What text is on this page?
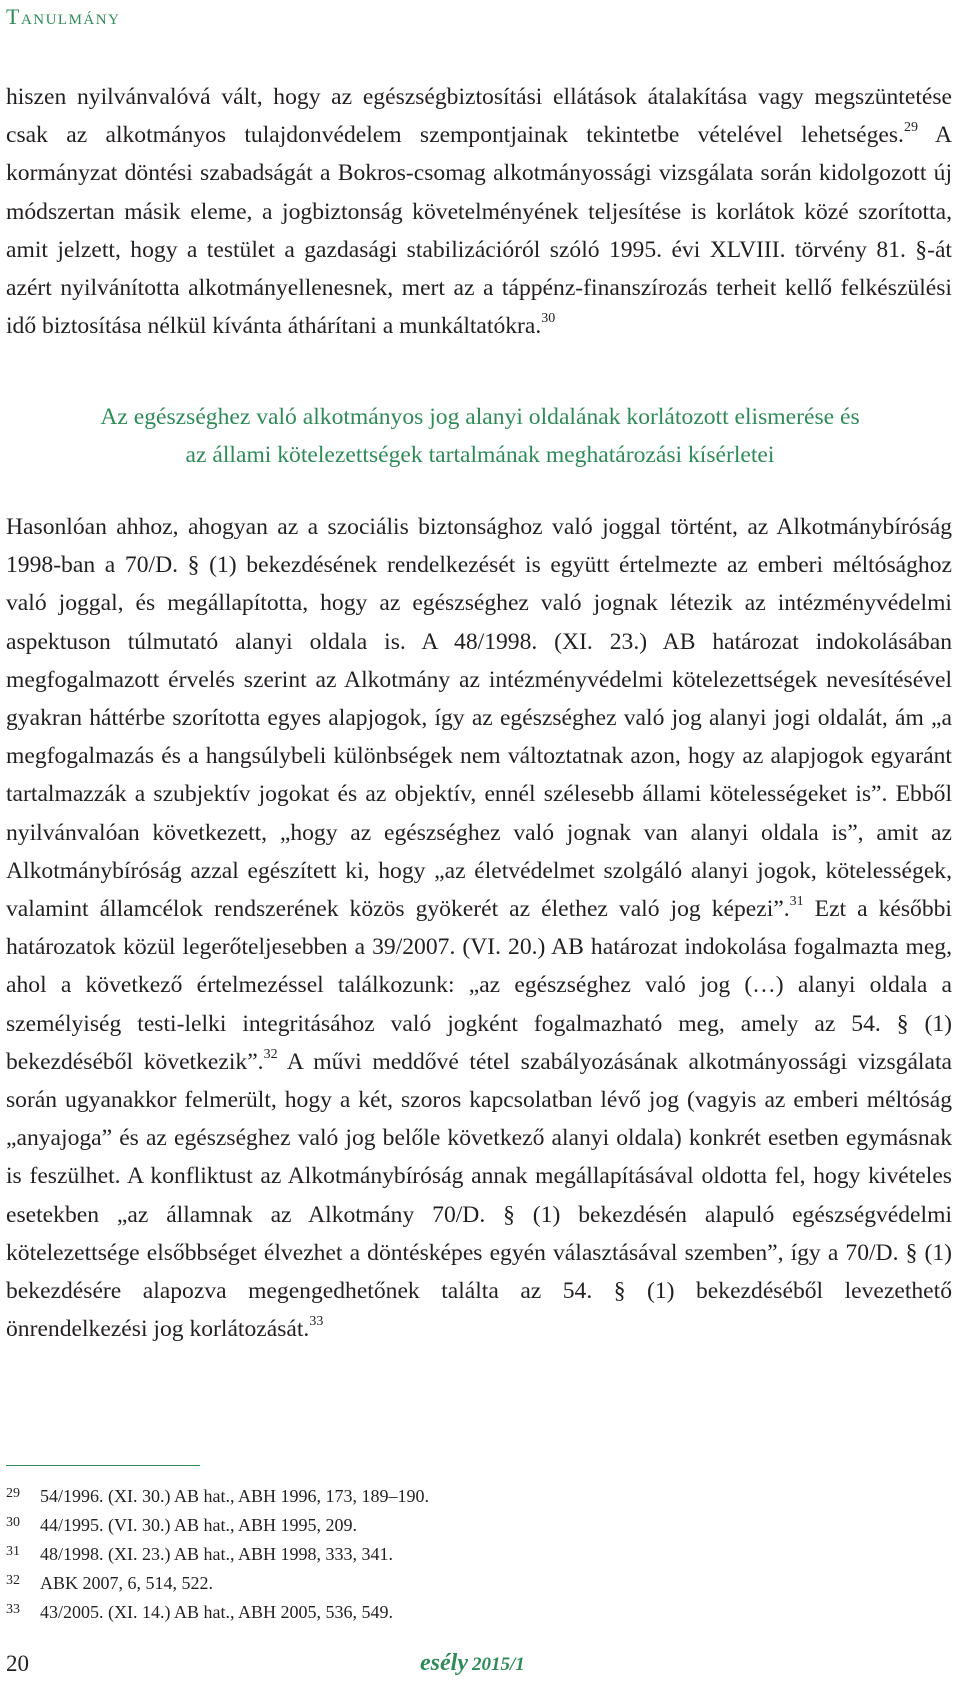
Tanulmány

hiszen nyilvánvalóvá vált, hogy az egészségbiztosítási ellátások átalakítása vagy megszüntetése csak az alkotmányos tulajdonvédelem szempontjainak tekintetbe vételével lehetséges.$^{29}$ A kormányzat döntési szabadságát a Bokros-csomag alkotmányossági vizsgálata során kidolgozott új módszertan másik eleme, a jogbiztonság követelményének teljesítése is korlátok közé szorította, amit jelzett, hogy a testület a gazdasági stabilizációról szóló 1995. évi XLVIII. törvény 81. §-át azért nyilvánította alkotmányellenesnek, mert az a táppénz-finanszírozás terheit kellő felkészülési idő biztosítása nélkül kívánta áthárítani a munkáltatókra.$^{30}$

Az egészséghez való alkotmányos jog alanyi oldalának korlátozott elismerése és
az állami kötelezettségek tartalmának meghatározási kísérletei

Hasonlóan ahhoz, ahogyan az a szociális biztonsághoz való joggal történt, az Alkotmánybíróság 1998-ban a 70/D. § (1) bekezdésének rendelkezését is együtt értelmezte az emberi méltósághoz való joggal, és megállapította, hogy az egészséghez való jognak létezik az intézményvédelmi aspektuson túlmutató alanyi oldala is. A 48/1998. (XI. 23.) AB határozat indokolásában megfogalmazott érvelés szerint az Alkotmány az intézményvédelmi kötelezettségek nevesítésével gyakran háttérbe szorította egyes alapjogok, így az egészséghez való jog alanyi jogi oldalát, ám „a megfogalmazás és a hangsúlybeli különbségek nem változtatnak azon, hogy az alapjogok egyaránt tartalmazzák a szubjektív jogokat és az objektív, ennél szélesebb állami kötelességeket is”. Ebből nyilvánvalóan következett, „hogy az egészséghez való jognak van alanyi oldala is”, amit az Alkotmánybíróság azzal egészített ki, hogy „az életvédelmet szolgáló alanyi jogok, kötelességek, valamint államcélok rendszerének közös gyökerét az élethez való jog képezi”.$^{31}$ Ezt a későbbi határozatok közül legerőteljesebben a 39/2007. (VI. 20.) AB határozat indokolása fogalmazta meg, ahol a következő értelmezéssel találkozunk: „az egészséghez való jog (…) alanyi oldala a személyiség testi-lelki integritásához való jogként fogalmazható meg, amely az 54. § (1) bekezdéséből következik”.$^{32}$ A művi meddővé tétel szabályozásának alkotmányossági vizsgálata során ugyanakkor felmerült, hogy a két, szoros kapcsolatban lévő jog (vagyis az emberi méltóság „anyajoga” és az egészséghez való jog belőle következő alanyi oldala) konkrét esetben egymásnak is feszülhet. A konfliktust az Alkotmánybíróság annak megállapításával oldotta fel, hogy kivételes esetekben „az államnak az Alkotmány 70/D. § (1) bekezdésén alapuló egészségvédelmi kötelezettsége elsőbbséget élvezhet a döntésképes egyén választásával szemben”, így a 70/D. § (1) bekezdésére alapozva megengedhetőnek találta az 54. § (1) bekezdéséből levezethető önrendelkezési jog korlátozását.$^{33}$

29	54/1996. (XI. 30.) AB hat., ABH 1996, 173, 189–190.
30	44/1995. (VI. 30.) AB hat., ABH 1995, 209.
31	48/1998. (XI. 23.) AB hat., ABH 1998, 333, 341.
32	ABK 2007, 6, 514, 522.
33	43/2005. (XI. 14.) AB hat., ABH 2005, 536, 549.
20	esély 2015/1
